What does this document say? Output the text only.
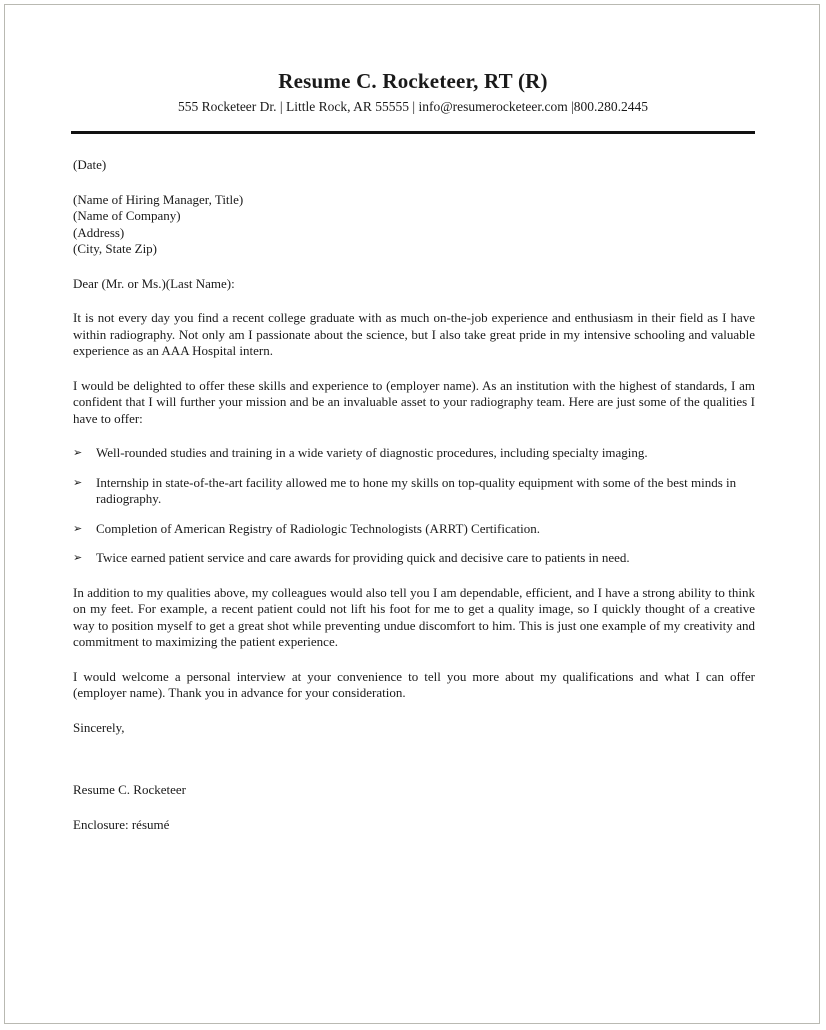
Resume C. Rocketeer, RT (R)
555 Rocketeer Dr. | Little Rock, AR 55555 | info@resumerocketeer.com |800.280.2445

(Date)

(Name of Hiring Manager, Title)
(Name of Company)
(Address)
(City, State Zip)

Dear (Mr. or Ms.)(Last Name):

It is not every day you find a recent college graduate with as much on-the-job experience and enthusiasm in their field as I have within radiography. Not only am I passionate about the science, but I also take great pride in my intensive schooling and valuable experience as an AAA Hospital intern.

I would be delighted to offer these skills and experience to (employer name). As an institution with the highest of standards, I am confident that I will further your mission and be an invaluable asset to your radiography team. Here are just some of the qualities I have to offer:

➢ Well-rounded studies and training in a wide variety of diagnostic procedures, including specialty imaging.
➢ Internship in state-of-the-art facility allowed me to hone my skills on top-quality equipment with some of the best minds in radiography.
➢ Completion of American Registry of Radiologic Technologists (ARRT) Certification.
➢ Twice earned patient service and care awards for providing quick and decisive care to patients in need.

In addition to my qualities above, my colleagues would also tell you I am dependable, efficient, and I have a strong ability to think on my feet. For example, a recent patient could not lift his foot for me to get a quality image, so I quickly thought of a creative way to position myself to get a great shot while preventing undue discomfort to him. This is just one example of my creativity and commitment to maximizing the patient experience.

I would welcome a personal interview at your convenience to tell you more about my qualifications and what I can offer (employer name). Thank you in advance for your consideration.

Sincerely,

Resume C. Rocketeer

Enclosure: résumé
